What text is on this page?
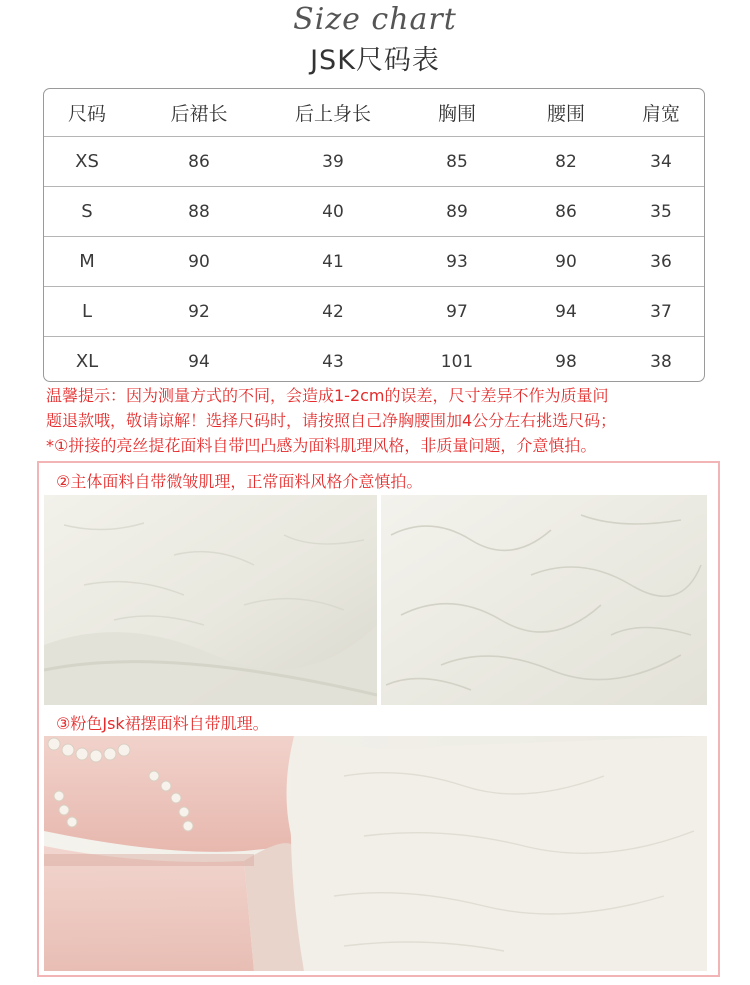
Size chart
JSK尺码表
尺码	后裙长	后上身长	胸围	腰围	肩宽
XS	86	39	85	82	34
S	88	40	89	86	35
M	90	41	93	90	36
L	92	42	97	94	37
XL	94	43	101	98	38
温馨提示：因为测量方式的不同，会造成1-2cm的误差，尺寸差异不作为质量问
题退款哦，敬请谅解！选择尺码时，请按照自己净胸腰围加4公分左右挑选尺码；
*①拼接的亮丝提花面料自带凹凸感为面料肌理风格，非质量问题，介意慎拍。
②主体面料自带微皱肌理，正常面料风格介意慎拍。
③粉色Jsk裙摆面料自带肌理。
